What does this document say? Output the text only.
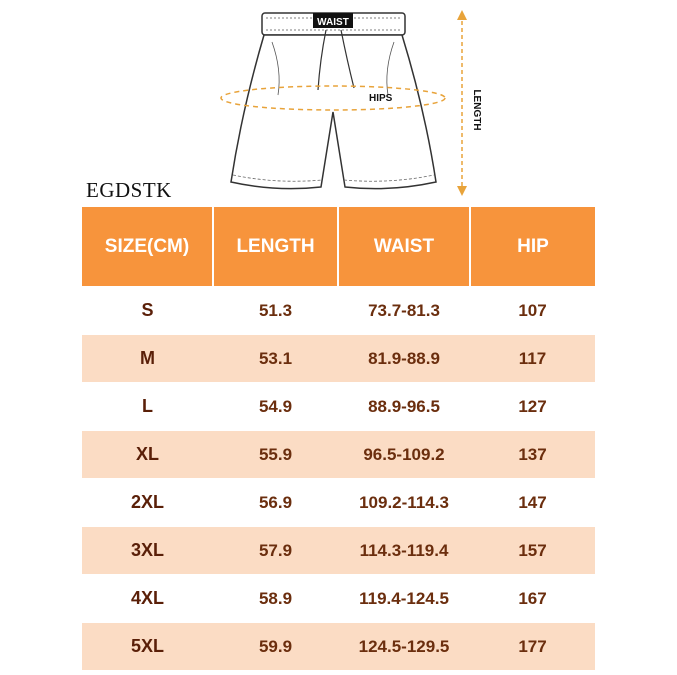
WAIST
HIPS	LENGTH
EGDSTK
SIZE(CM)	LENGTH	WAIST	HIP
S	51.3	73.7-81.3	107
M	53.1	81.9-88.9	117
L	54.9	88.9-96.5	127
XL	55.9	96.5-109.2	137
2XL	56.9	109.2-114.3	147
3XL	57.9	114.3-119.4	157
4XL	58.9	119.4-124.5	167
5XL	59.9	124.5-129.5	177
